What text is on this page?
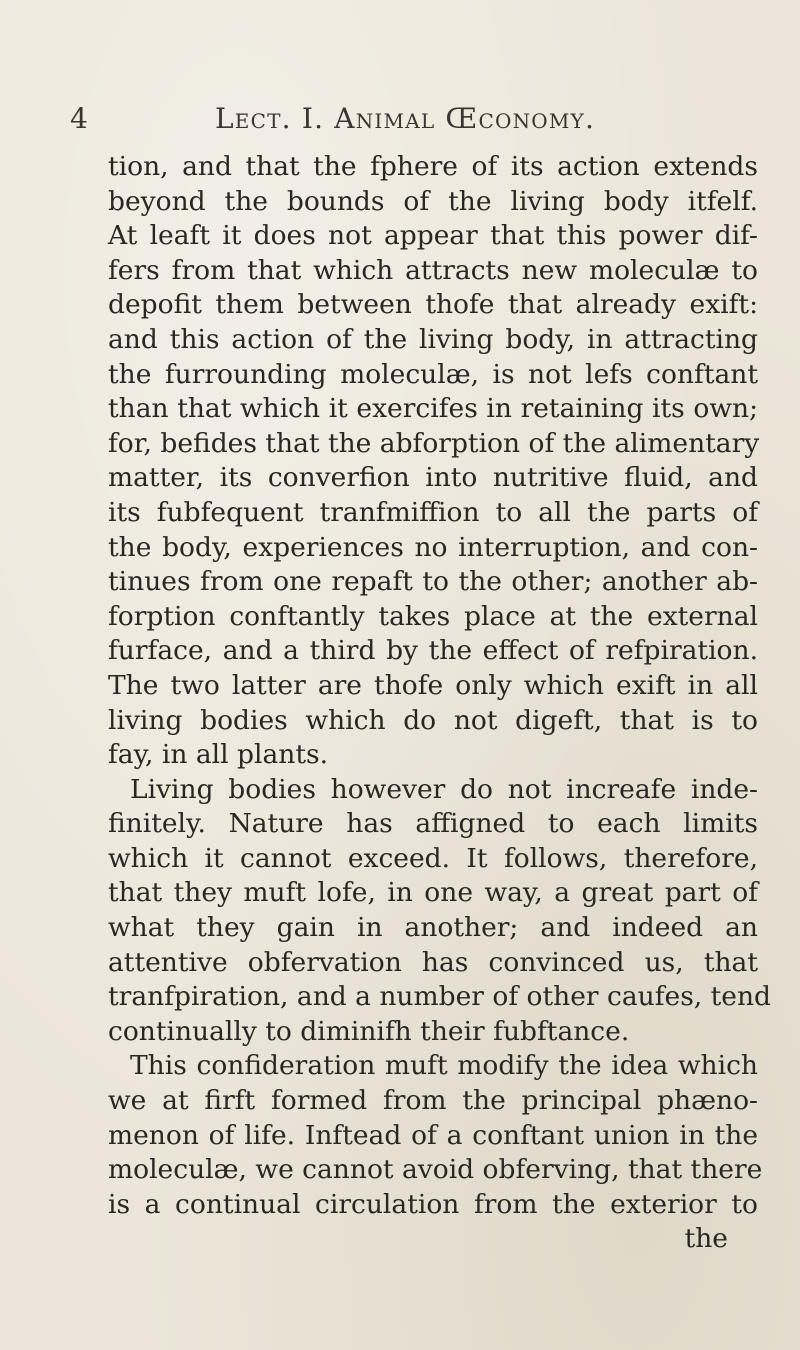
4	Lect. I. Animal Œconomy.
tion, and that the fphere of its action extends
beyond the bounds of the living body itfelf.
At leaft it does not appear that this power dif-
fers from that which attracts new moleculæ to
depofit them between thofe that already exift:
and this action of the living body, in attracting
the furrounding moleculæ, is not lefs conftant
than that which it exercifes in retaining its own;
for, befides that the abforption of the alimentary
matter, its converfion into nutritive fluid, and
its fubfequent tranfmiffion to all the parts of
the body, experiences no interruption, and con-
tinues from one repaft to the other; another ab-
forption conftantly takes place at the external
furface, and a third by the effect of refpiration.
The two latter are thofe only which exift in all
living bodies which do not digeft, that is to
fay, in all plants.
Living bodies however do not increafe inde-
finitely. Nature has affigned to each limits
which it cannot exceed. It follows, therefore,
that they muft lofe, in one way, a great part of
what they gain in another; and indeed an
attentive obfervation has convinced us, that
tranfpiration, and a number of other caufes, tend
continually to diminifh their fubftance.
This confideration muft modify the idea which
we at firft formed from the principal phæno-
menon of life. Inftead of a conftant union in the
moleculæ, we cannot avoid obferving, that there
is a continual circulation from the exterior to
the
